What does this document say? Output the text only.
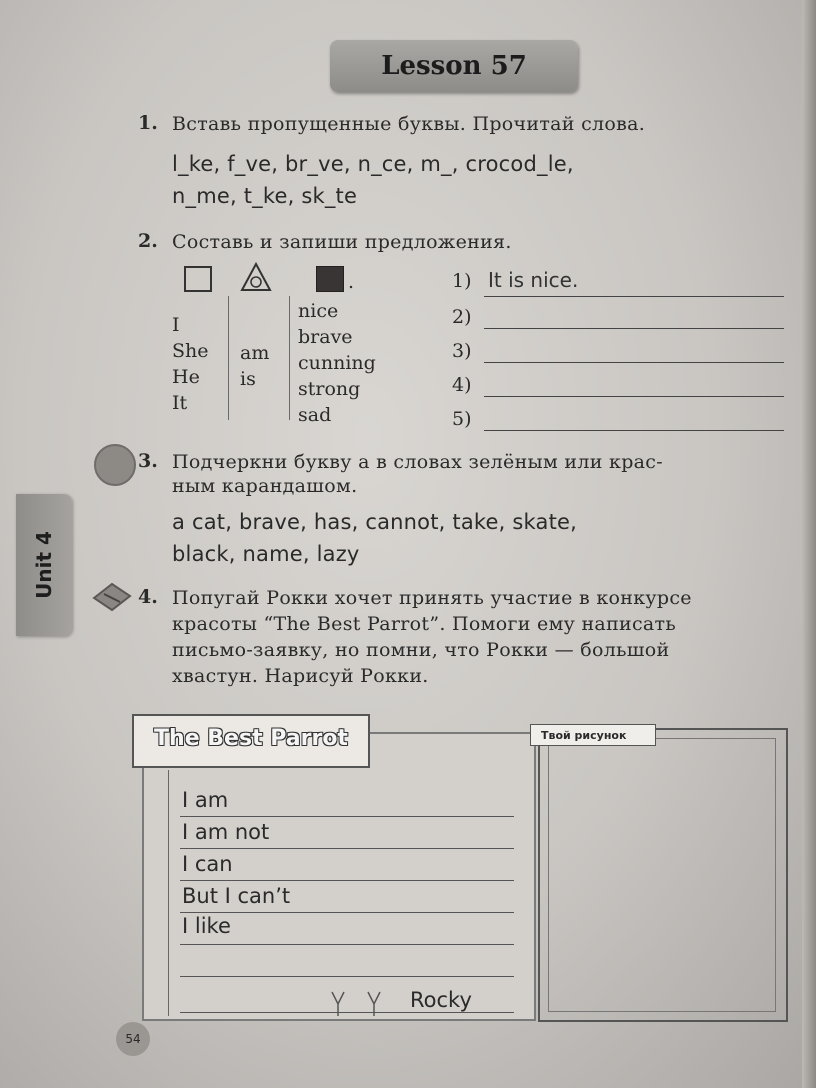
Lesson 57
Unit 4
1. Вставь пропущенные буквы. Прочитай слова.
l_ke, f_ve, br_ve, n_ce, m_, crocod_le,
n_me, t_ke, sk_te
2. Составь и запиши предложения.
.
I
She
He
It
am
is
nice
brave
cunning
strong
sad
1) It is nice.
2)
3)
4)
5)
3. Подчеркни букву a в словах зелёным или крас-
ным карандашом.
a cat, brave, has, cannot, take, skate,
black, name, lazy
4. Попугай Рокки хочет принять участие в конкурсе
красоты “The Best Parrot”. Помоги ему написать
письмо-заявку, но помни, что Рокки — большой
хвастун. Нарисуй Рокки.
The Best Parrot
I am
I am not
I can
But I can’t
I like
Rocky
Твой рисунок
54
